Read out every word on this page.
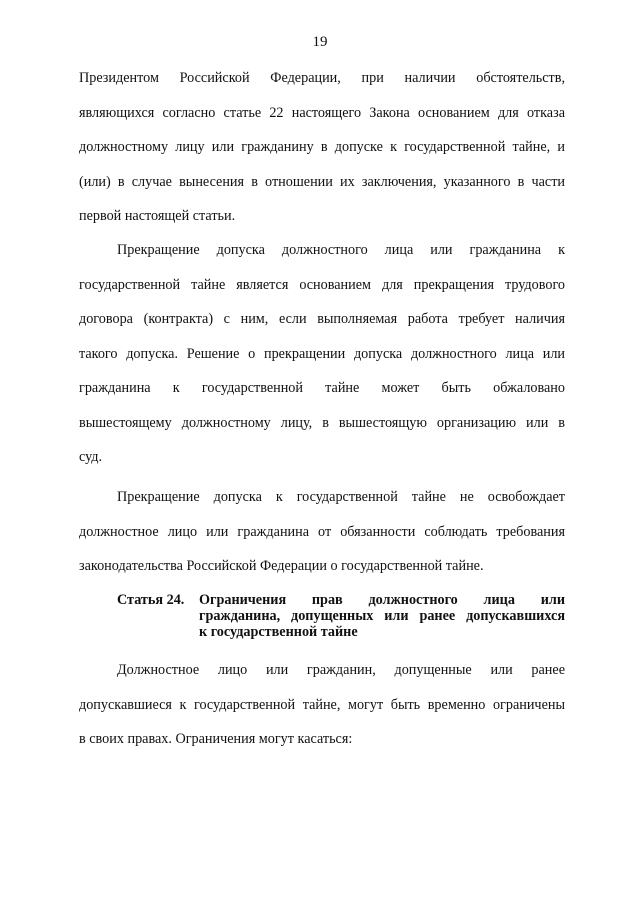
19
Президентом Российской Федерации, при наличии обстоятельств,
являющихся согласно статье 22 настоящего Закона основанием для отказа
должностному лицу или гражданину в допуске к государственной тайне, и
(или) в случае вынесения в отношении их заключения, указанного в части
первой настоящей статьи.
Прекращение допуска должностного лица или гражданина к
государственной тайне является основанием для прекращения трудового
договора (контракта) с ним, если выполняемая работа требует наличия
такого допуска. Решение о прекращении допуска должностного лица или
гражданина к государственной тайне может быть обжаловано
вышестоящему должностному лицу, в вышестоящую организацию или в
суд.
Прекращение допуска к государственной тайне не освобождает
должностное лицо или гражданина от обязанности соблюдать требования
законодательства Российской Федерации о государственной тайне.
Статья 24. Ограничения прав должностного лица или
гражданина, допущенных или ранее допускавшихся
к государственной тайне
Должностное лицо или гражданин, допущенные или ранее
допускавшиеся к государственной тайне, могут быть временно ограничены
в своих правах. Ограничения могут касаться:
